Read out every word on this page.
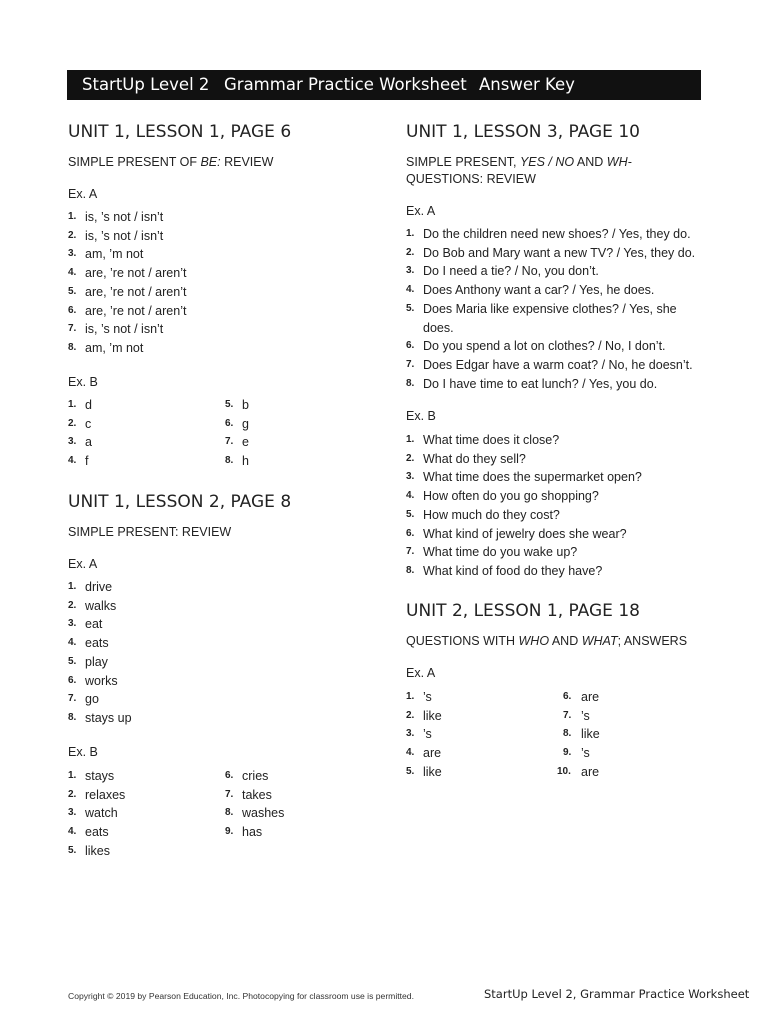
StartUp Level 2 Grammar Practice Worksheet Answer Key
UNIT 1, LESSON 1, PAGE 6

SIMPLE PRESENT OF BE: REVIEW

Ex. A

1. is, ’s not / isn’t
2. is, ’s not / isn’t
3. am, ’m not
4. are, ’re not / aren’t
5. are, ’re not / aren’t
6. are, ’re not / aren’t
7. is, ’s not / isn’t
8. am, ’m not

Ex. B

1. d
2. c
3. a
4. f
5. b
6. g
7. e
8. h
UNIT 1, LESSON 2, PAGE 8

SIMPLE PRESENT: REVIEW

Ex. A

1. drive
2. walks
3. eat
4. eats
5. play
6. works
7. go
8. stays up

Ex. B

1. stays
2. relaxes
3. watch
4. eats
5. likes
6. cries
7. takes
8. washes
9. has
UNIT 1, LESSON 3, PAGE 10

SIMPLE PRESENT, YES / NO AND WH-
QUESTIONS: REVIEW

Ex. A

1. Do the children need new shoes? / Yes, they do.
2. Do Bob and Mary want a new TV? / Yes, they do.
3. Do I need a tie? / No, you don’t.
4. Does Anthony want a car? / Yes, he does.
5. Does Maria like expensive clothes? / Yes, she does.
6. Do you spend a lot on clothes? / No, I don’t.
7. Does Edgar have a warm coat? / No, he doesn’t.
8. Do I have time to eat lunch? / Yes, you do.

Ex. B

1. What time does it close?
2. What do they sell?
3. What time does the supermarket open?
4. How often do you go shopping?
5. How much do they cost?
6. What kind of jewelry does she wear?
7. What time do you wake up?
8. What kind of food do they have?
UNIT 2, LESSON 1, PAGE 18

QUESTIONS WITH WHO AND WHAT; ANSWERS

Ex. A

1. ’s
2. like
3. ’s
4. are
5. like
6. are
7. ’s
8. like
9. ’s
10. are
Copyright © 2019 by Pearson Education, Inc. Photocopying for classroom use is permitted.	StartUp Level 2, Grammar Practice Worksheet
